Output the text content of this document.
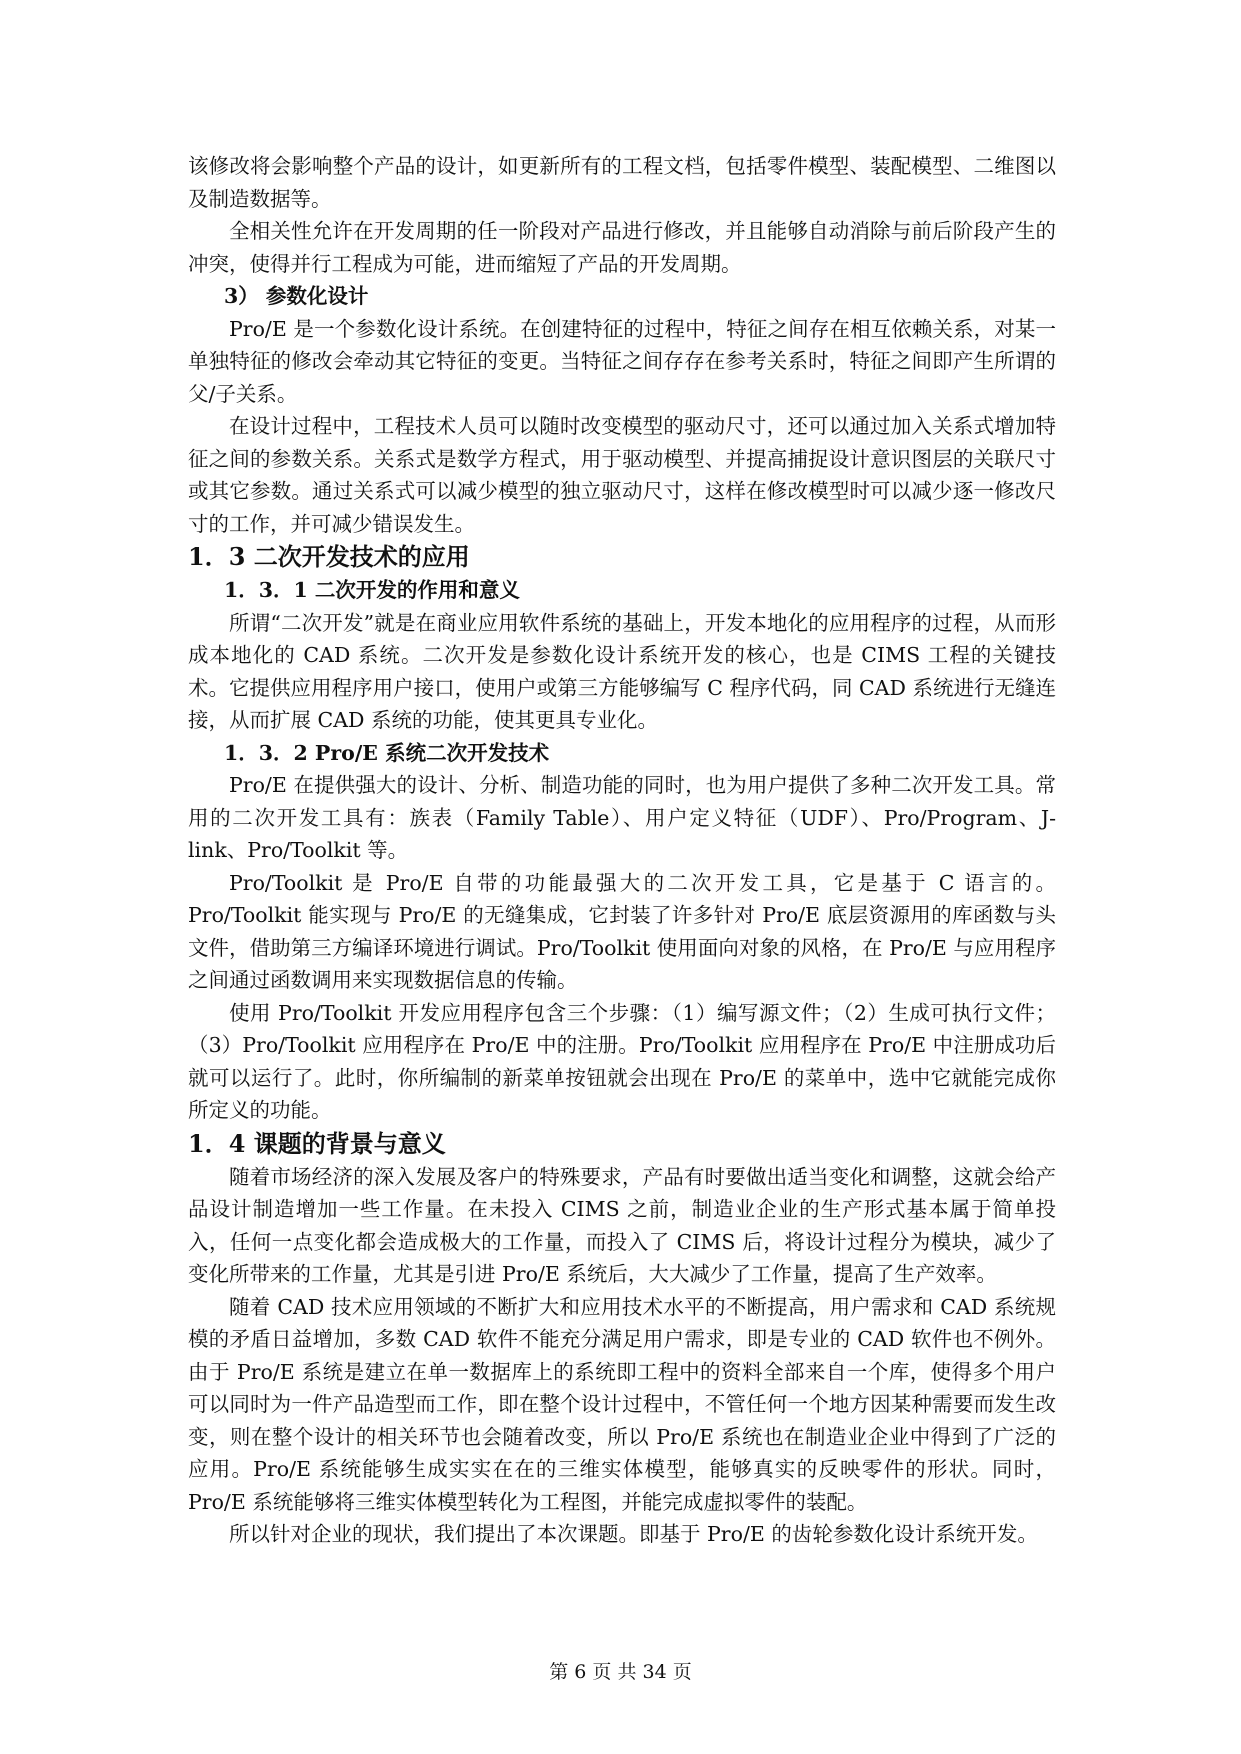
该修改将会影响整个产品的设计，如更新所有的工程文档，包括零件模型、装配模型、二维图以及制造数据等。

全相关性允许在开发周期的任一阶段对产品进行修改，并且能够自动消除与前后阶段产生的冲突，使得并行工程成为可能，进而缩短了产品的开发周期。

3） 参数化设计

Pro/E 是一个参数化设计系统。在创建特征的过程中，特征之间存在相互依赖关系，对某一单独特征的修改会牵动其它特征的变更。当特征之间存存在参考关系时，特征之间即产生所谓的父/子关系。

在设计过程中，工程技术人员可以随时改变模型的驱动尺寸，还可以通过加入关系式增加特征之间的参数关系。关系式是数学方程式，用于驱动模型、并提高捕捉设计意识图层的关联尺寸或其它参数。通过关系式可以减少模型的独立驱动尺寸，这样在修改模型时可以减少逐一修改尺寸的工作，并可减少错误发生。

1．3 二次开发技术的应用

1．3．1 二次开发的作用和意义

所谓“二次开发”就是在商业应用软件系统的基础上，开发本地化的应用程序的过程，从而形成本地化的 CAD 系统。二次开发是参数化设计系统开发的核心，也是 CIMS 工程的关键技术。它提供应用程序用户接口，使用户或第三方能够编写 C 程序代码，同 CAD 系统进行无缝连接，从而扩展 CAD 系统的功能，使其更具专业化。

1．3．2 Pro/E 系统二次开发技术

Pro/E 在提供强大的设计、分析、制造功能的同时，也为用户提供了多种二次开发工具。常用的二次开发工具有：族表（Family Table）、用户定义特征（UDF）、Pro/Program、J-link、Pro/Toolkit 等。

Pro/Toolkit 是 Pro/E 自带的功能最强大的二次开发工具，它是基于 C 语言的。Pro/Toolkit 能实现与 Pro/E 的无缝集成，它封装了许多针对 Pro/E 底层资源用的库函数与头文件，借助第三方编译环境进行调试。Pro/Toolkit 使用面向对象的风格，在 Pro/E 与应用程序之间通过函数调用来实现数据信息的传输。

使用 Pro/Toolkit 开发应用程序包含三个步骤：（1）编写源文件；（2）生成可执行文件；（3）Pro/Toolkit 应用程序在 Pro/E 中的注册。Pro/Toolkit 应用程序在 Pro/E 中注册成功后就可以运行了。此时，你所编制的新菜单按钮就会出现在 Pro/E 的菜单中，选中它就能完成你所定义的功能。

1．4 课题的背景与意义

随着市场经济的深入发展及客户的特殊要求，产品有时要做出适当变化和调整，这就会给产品设计制造增加一些工作量。在未投入 CIMS 之前，制造业企业的生产形式基本属于简单投入，任何一点变化都会造成极大的工作量，而投入了 CIMS 后，将设计过程分为模块，减少了变化所带来的工作量，尤其是引进 Pro/E 系统后，大大减少了工作量，提高了生产效率。

随着 CAD 技术应用领域的不断扩大和应用技术水平的不断提高，用户需求和 CAD 系统规模的矛盾日益增加，多数 CAD 软件不能充分满足用户需求，即是专业的 CAD 软件也不例外。由于 Pro/E 系统是建立在单一数据库上的系统即工程中的资料全部来自一个库，使得多个用户可以同时为一件产品造型而工作，即在整个设计过程中，不管任何一个地方因某种需要而发生改变，则在整个设计的相关环节也会随着改变，所以 Pro/E 系统也在制造业企业中得到了广泛的应用。Pro/E 系统能够生成实实在在的三维实体模型，能够真实的反映零件的形状。同时，Pro/E 系统能够将三维实体模型转化为工程图，并能完成虚拟零件的装配。

所以针对企业的现状，我们提出了本次课题。即基于 Pro/E 的齿轮参数化设计系统开发。

第 6 页 共 34 页
